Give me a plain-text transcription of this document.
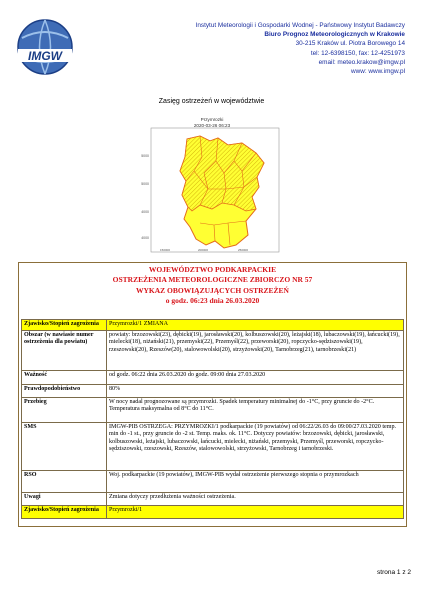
IMGW
Instytut Meteorologii i Gospodarki Wodnej - Państwowy Instytut Badawczy
Biuro Prognoz Meteorologicznych w Krakowie
30-215 Kraków ul. Piotra Borowego 14
tel: 12-6398150, fax: 12-4251973
email: meteo.krakow@imgw.pl
www: www.imgw.pl
Zasięg ostrzeżeń w województwie
Przymrozki
2020-03-26 06:23
5000
5000
4000
4000
150000	200000	250000
WOJEWÓDZTWO PODKARPACKIE
OSTRZEŻENIA METEOROLOGICZNE ZBIORCZO NR 57
WYKAZ OBOWIĄZUJĄCYCH OSTRZEŻEŃ
o godz. 06:23 dnia 26.03.2020
Zjawisko/Stopień zagrożenia	Przymrozki/1 ZMIANA
Obszar (w nawiasie numer ostrzeżenia dla powiatu)	powiaty: brzozowski(23), dębicki(19), jarosławski(20), kolbuszowski(20), leżajski(18), lubaczowski(19), łańcucki(19), mielecki(18), niżański(21), przemyski(22), Przemyśl(22), przeworski(20), ropczycko-sędziszowski(19), rzeszowski(20), Rzeszów(20), stalowowolski(20), strzyżowski(20), Tarnobrzeg(21), tarnobrzeski(21)
Ważność	od godz. 06:22 dnia 26.03.2020 do godz. 09:00 dnia 27.03.2020
Prawdopodobieństwo	80%
Przebieg	W nocy nadal prognozowane są przymrozki. Spadek temperatury minimalnej do -1°C, przy gruncie do -2°C. Temperatura maksymalna od 8°C do 11°C.
SMS	IMGW-PIB OSTRZEGA: PRZYMROZKI/1 podkarpackie (19 powiatów) od 06:22/26.03 do 09:00/27.03.2020 temp. min do -1 st., przy gruncie do -2 st. Temp. maks. ok. 11°C. Dotyczy powiatów: brzozowski, dębicki, jarosławski, kolbuszowski, leżajski, lubaczowski, łańcucki, mielecki, niżański, przemyski, Przemyśl, przeworski, ropczycko-sędziszowski, rzeszowski, Rzeszów, stalowowolski, strzyżowski, Tarnobrzeg i tarnobrzeski.
RSO	Woj. podkarpackie (19 powiatów), IMGW-PIB wydał ostrzeżenie pierwszego stopnia o przymrozkach
Uwagi	Zmiana dotyczy przedłużenia ważności ostrzeżenia.
Zjawisko/Stopień zagrożenia	Przymrozki/1
strona 1 z 2
